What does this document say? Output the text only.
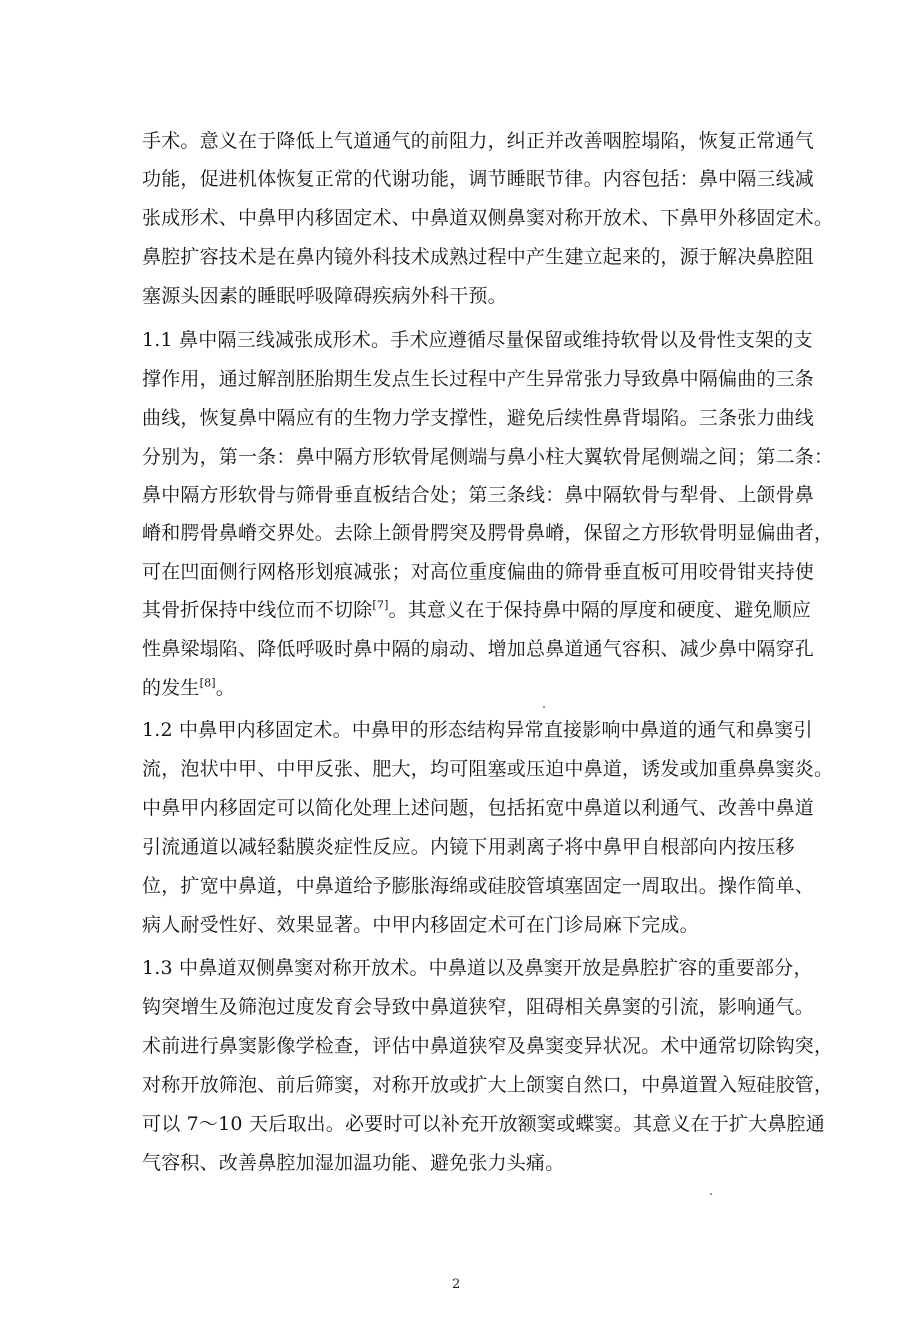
手术。意义在于降低上气道通气的前阻力，纠正并改善咽腔塌陷，恢复正常通气
功能，促进机体恢复正常的代谢功能，调节睡眠节律。内容包括：鼻中隔三线减
张成形术、中鼻甲内移固定术、中鼻道双侧鼻窦对称开放术、下鼻甲外移固定术。
鼻腔扩容技术是在鼻内镜外科技术成熟过程中产生建立起来的，源于解决鼻腔阻
塞源头因素的睡眠呼吸障碍疾病外科干预。
1.1 鼻中隔三线减张成形术。手术应遵循尽量保留或维持软骨以及骨性支架的支
撑作用，通过解剖胚胎期生发点生长过程中产生异常张力导致鼻中隔偏曲的三条
曲线，恢复鼻中隔应有的生物力学支撑性，避免后续性鼻背塌陷。三条张力曲线
分别为，第一条：鼻中隔方形软骨尾侧端与鼻小柱大翼软骨尾侧端之间；第二条：
鼻中隔方形软骨与筛骨垂直板结合处；第三条线：鼻中隔软骨与犁骨、上颌骨鼻
嵴和腭骨鼻嵴交界处。去除上颌骨腭突及腭骨鼻嵴，保留之方形软骨明显偏曲者，
可在凹面侧行网格形划痕减张；对高位重度偏曲的筛骨垂直板可用咬骨钳夹持使
其骨折保持中线位而不切除[7]。其意义在于保持鼻中隔的厚度和硬度、避免顺应
性鼻梁塌陷、降低呼吸时鼻中隔的扇动、增加总鼻道通气容积、减少鼻中隔穿孔
的发生[8]。
1.2 中鼻甲内移固定术。中鼻甲的形态结构异常直接影响中鼻道的通气和鼻窦引
流，泡状中甲、中甲反张、肥大，均可阻塞或压迫中鼻道，诱发或加重鼻鼻窦炎。
中鼻甲内移固定可以简化处理上述问题，包括拓宽中鼻道以利通气、改善中鼻道
引流通道以减轻黏膜炎症性反应。内镜下用剥离子将中鼻甲自根部向内按压移
位，扩宽中鼻道，中鼻道给予膨胀海绵或硅胶管填塞固定一周取出。操作简单、
病人耐受性好、效果显著。中甲内移固定术可在门诊局麻下完成。
1.3 中鼻道双侧鼻窦对称开放术。中鼻道以及鼻窦开放是鼻腔扩容的重要部分，
钩突增生及筛泡过度发育会导致中鼻道狭窄，阻碍相关鼻窦的引流，影响通气。
术前进行鼻窦影像学检查，评估中鼻道狭窄及鼻窦变异状况。术中通常切除钩突，
对称开放筛泡、前后筛窦，对称开放或扩大上颌窦自然口，中鼻道置入短硅胶管，
可以 7～10 天后取出。必要时可以补充开放额窦或蝶窦。其意义在于扩大鼻腔通
气容积、改善鼻腔加湿加温功能、避免张力头痛。
2
